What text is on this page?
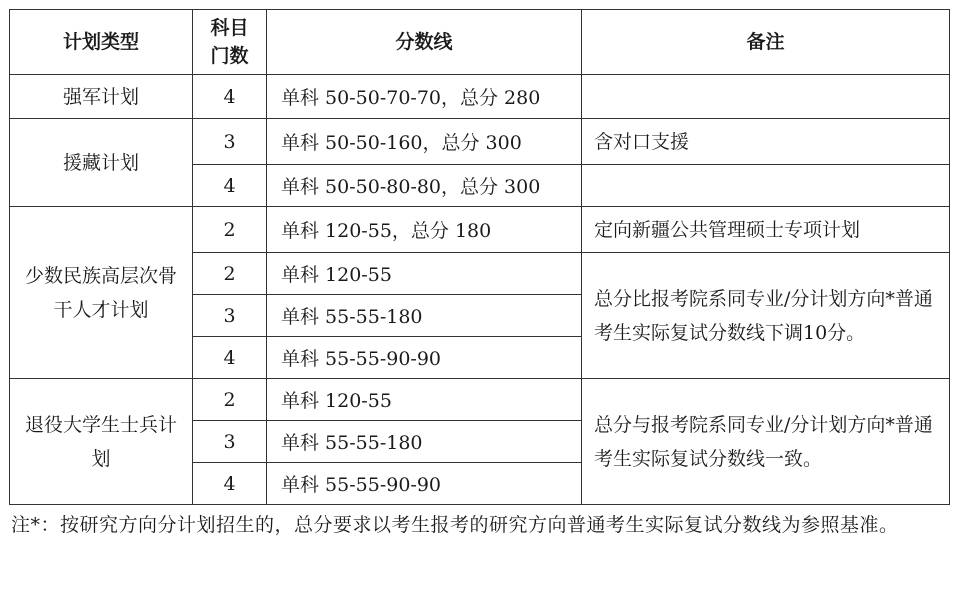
计划类型	科目门数	分数线	备注
强军计划	4	单科 50-50-70-70，总分 280	
援藏计划	3	单科 50-50-160，总分 300	含对口支援
	4	单科 50-50-80-80，总分 300	
少数民族高层次骨干人才计划	2	单科 120-55，总分 180	定向新疆公共管理硕士专项计划
	2	单科 120-55	总分比报考院系同专业/分计划方向*普通考生实际复试分数线下调10分。
	3	单科 55-55-180	
	4	单科 55-55-90-90	
退役大学生士兵计划	2	单科 120-55	总分与报考院系同专业/分计划方向*普通考生实际复试分数线一致。
	3	单科 55-55-180	
	4	单科 55-55-90-90	
注*：按研究方向分计划招生的，总分要求以考生报考的研究方向普通考生实际复试分数线为参照基准。
